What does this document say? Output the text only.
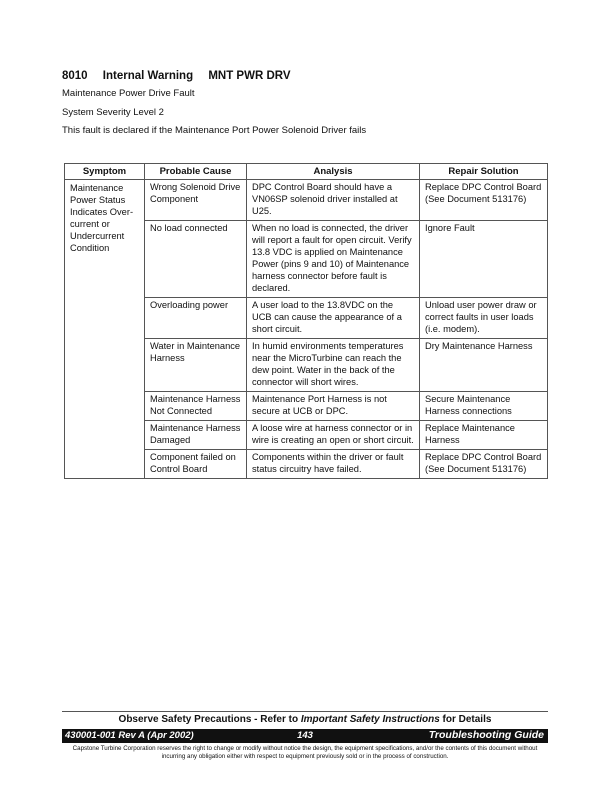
8010 Internal Warning MNT PWR DRV
Maintenance Power Drive Fault
System Severity Level 2
This fault is declared if the Maintenance Port Power Solenoid Driver fails
Symptom	Probable Cause	Analysis	Repair Solution
Maintenance Power Status Indicates Over-current or Undercurrent Condition	Wrong Solenoid Drive Component	DPC Control Board should have a VN06SP solenoid driver installed at U25.	Replace DPC Control Board (See Document 513176)
	No load connected	When no load is connected, the driver will report a fault for open circuit. Verify 13.8 VDC is applied on Maintenance Power (pins 9 and 10) of Maintenance harness connector before fault is declared.	Ignore Fault
	Overloading power	A user load to the 13.8VDC on the UCB can cause the appearance of a short circuit.	Unload user power draw or correct faults in user loads (i.e. modem).
	Water in Maintenance Harness	In humid environments temperatures near the MicroTurbine can reach the dew point. Water in the back of the connector will short wires.	Dry Maintenance Harness
	Maintenance Harness Not Connected	Maintenance Port Harness is not secure at UCB or DPC.	Secure Maintenance Harness connections
	Maintenance Harness Damaged	A loose wire at harness connector or in wire is creating an open or short circuit.	Replace Maintenance Harness
	Component failed on Control Board	Components within the driver or fault status circuitry have failed.	Replace DPC Control Board (See Document 513176)
Observe Safety Precautions - Refer to Important Safety Instructions for Details
143
430001-001 Rev A (Apr 2002)	Troubleshooting Guide
Capstone Turbine Corporation reserves the right to change or modify without notice the design, the equipment specifications, and/or the contents of this document without incurring any obligation either with respect to equipment previously sold or in the process of construction.
